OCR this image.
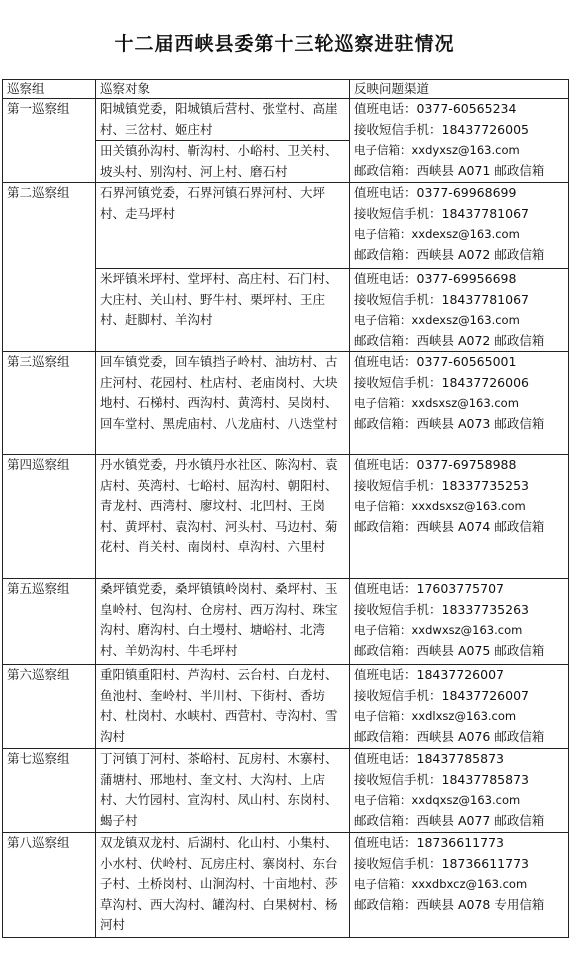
十二届西峡县委第十三轮巡察进驻情况
巡察组	巡察对象	反映问题渠道
第一巡察组	阳城镇党委，阳城镇后营村、张堂村、高崖村、三岔村、姬庄村	值班电话：0377-60565234
接收短信手机：18437726005
电子信箱：xxdyxsz@163.com
邮政信箱：西峡县 A071 邮政信箱

	田关镇孙沟村、靳沟村、小峪村、卫关村、坡头村、别沟村、河上村、磨石村	
第二巡察组	石界河镇党委，石界河镇石界河村、大坪村、走马坪村	值班电话：0377-69968699
接收短信手机：18437781067
电子信箱：xxdexsz@163.com
邮政信箱：西峡县 A072 邮政信箱

	米坪镇米坪村、堂坪村、高庄村、石门村、大庄村、关山村、野牛村、栗坪村、王庄村、赶脚村、羊沟村	值班电话：0377-69956698
接收短信手机：18437781067
电子信箱：xxdexsz@163.com
邮政信箱：西峡县 A072 邮政信箱

第三巡察组	回车镇党委，回车镇挡子岭村、油坊村、古庄河村、花园村、杜店村、老庙岗村、大块地村、石梯村、西沟村、黄湾村、吴岗村、回车堂村、黑虎庙村、八龙庙村、八迭堂村	值班电话：0377-60565001
接收短信手机：18437726006
电子信箱：xxdsxsz@163.com
邮政信箱：西峡县 A073 邮政信箱

第四巡察组	丹水镇党委，丹水镇丹水社区、陈沟村、袁店村、英湾村、七峪村、屈沟村、朝阳村、青龙村、西湾村、廖坟村、北凹村、王岗村、黄坪村、袁沟村、河头村、马边村、菊花村、肖关村、南岗村、卓沟村、六里村	值班电话：0377-69758988
接收短信手机：18337735253
电子信箱：xxxdsxsz@163.com
邮政信箱：西峡县 A074 邮政信箱

第五巡察组	桑坪镇党委，桑坪镇镇岭岗村、桑坪村、玉皇岭村、包沟村、仓房村、西万沟村、珠宝沟村、磨沟村、白土墁村、塘峪村、北湾村、羊奶沟村、牛毛坪村	值班电话：17603775707
接收短信手机：18337735263
电子信箱：xxdwxsz@163.com
邮政信箱：西峡县 A075 邮政信箱

第六巡察组	重阳镇重阳村、芦沟村、云台村、白龙村、鱼池村、奎岭村、半川村、下街村、香坊村、杜岗村、水峡村、西营村、寺沟村、雪沟村	值班电话：18437726007
接收短信手机：18437726007
电子信箱：xxdlxsz@163.com
邮政信箱：西峡县 A076 邮政信箱

第七巡察组	丁河镇丁河村、茶峪村、瓦房村、木寨村、蒲塘村、邢地村、奎文村、大沟村、上店村、大竹园村、宣沟村、凤山村、东岗村、蝎子村	值班电话：18437785873
接收短信手机：18437785873
电子信箱：xxdqxsz@163.com
邮政信箱：西峡县 A077 邮政信箱

第八巡察组	双龙镇双龙村、后湖村、化山村、小集村、小水村、伏岭村、瓦房庄村、寨岗村、东台子村、土桥岗村、山涧沟村、十亩地村、莎草沟村、西大沟村、罐沟村、白果树村、杨河村	值班电话：18736611773
接收短信手机：18736611773
电子信箱：xxxdbxcz@163.com
邮政信箱：西峡县 A078 专用信箱
